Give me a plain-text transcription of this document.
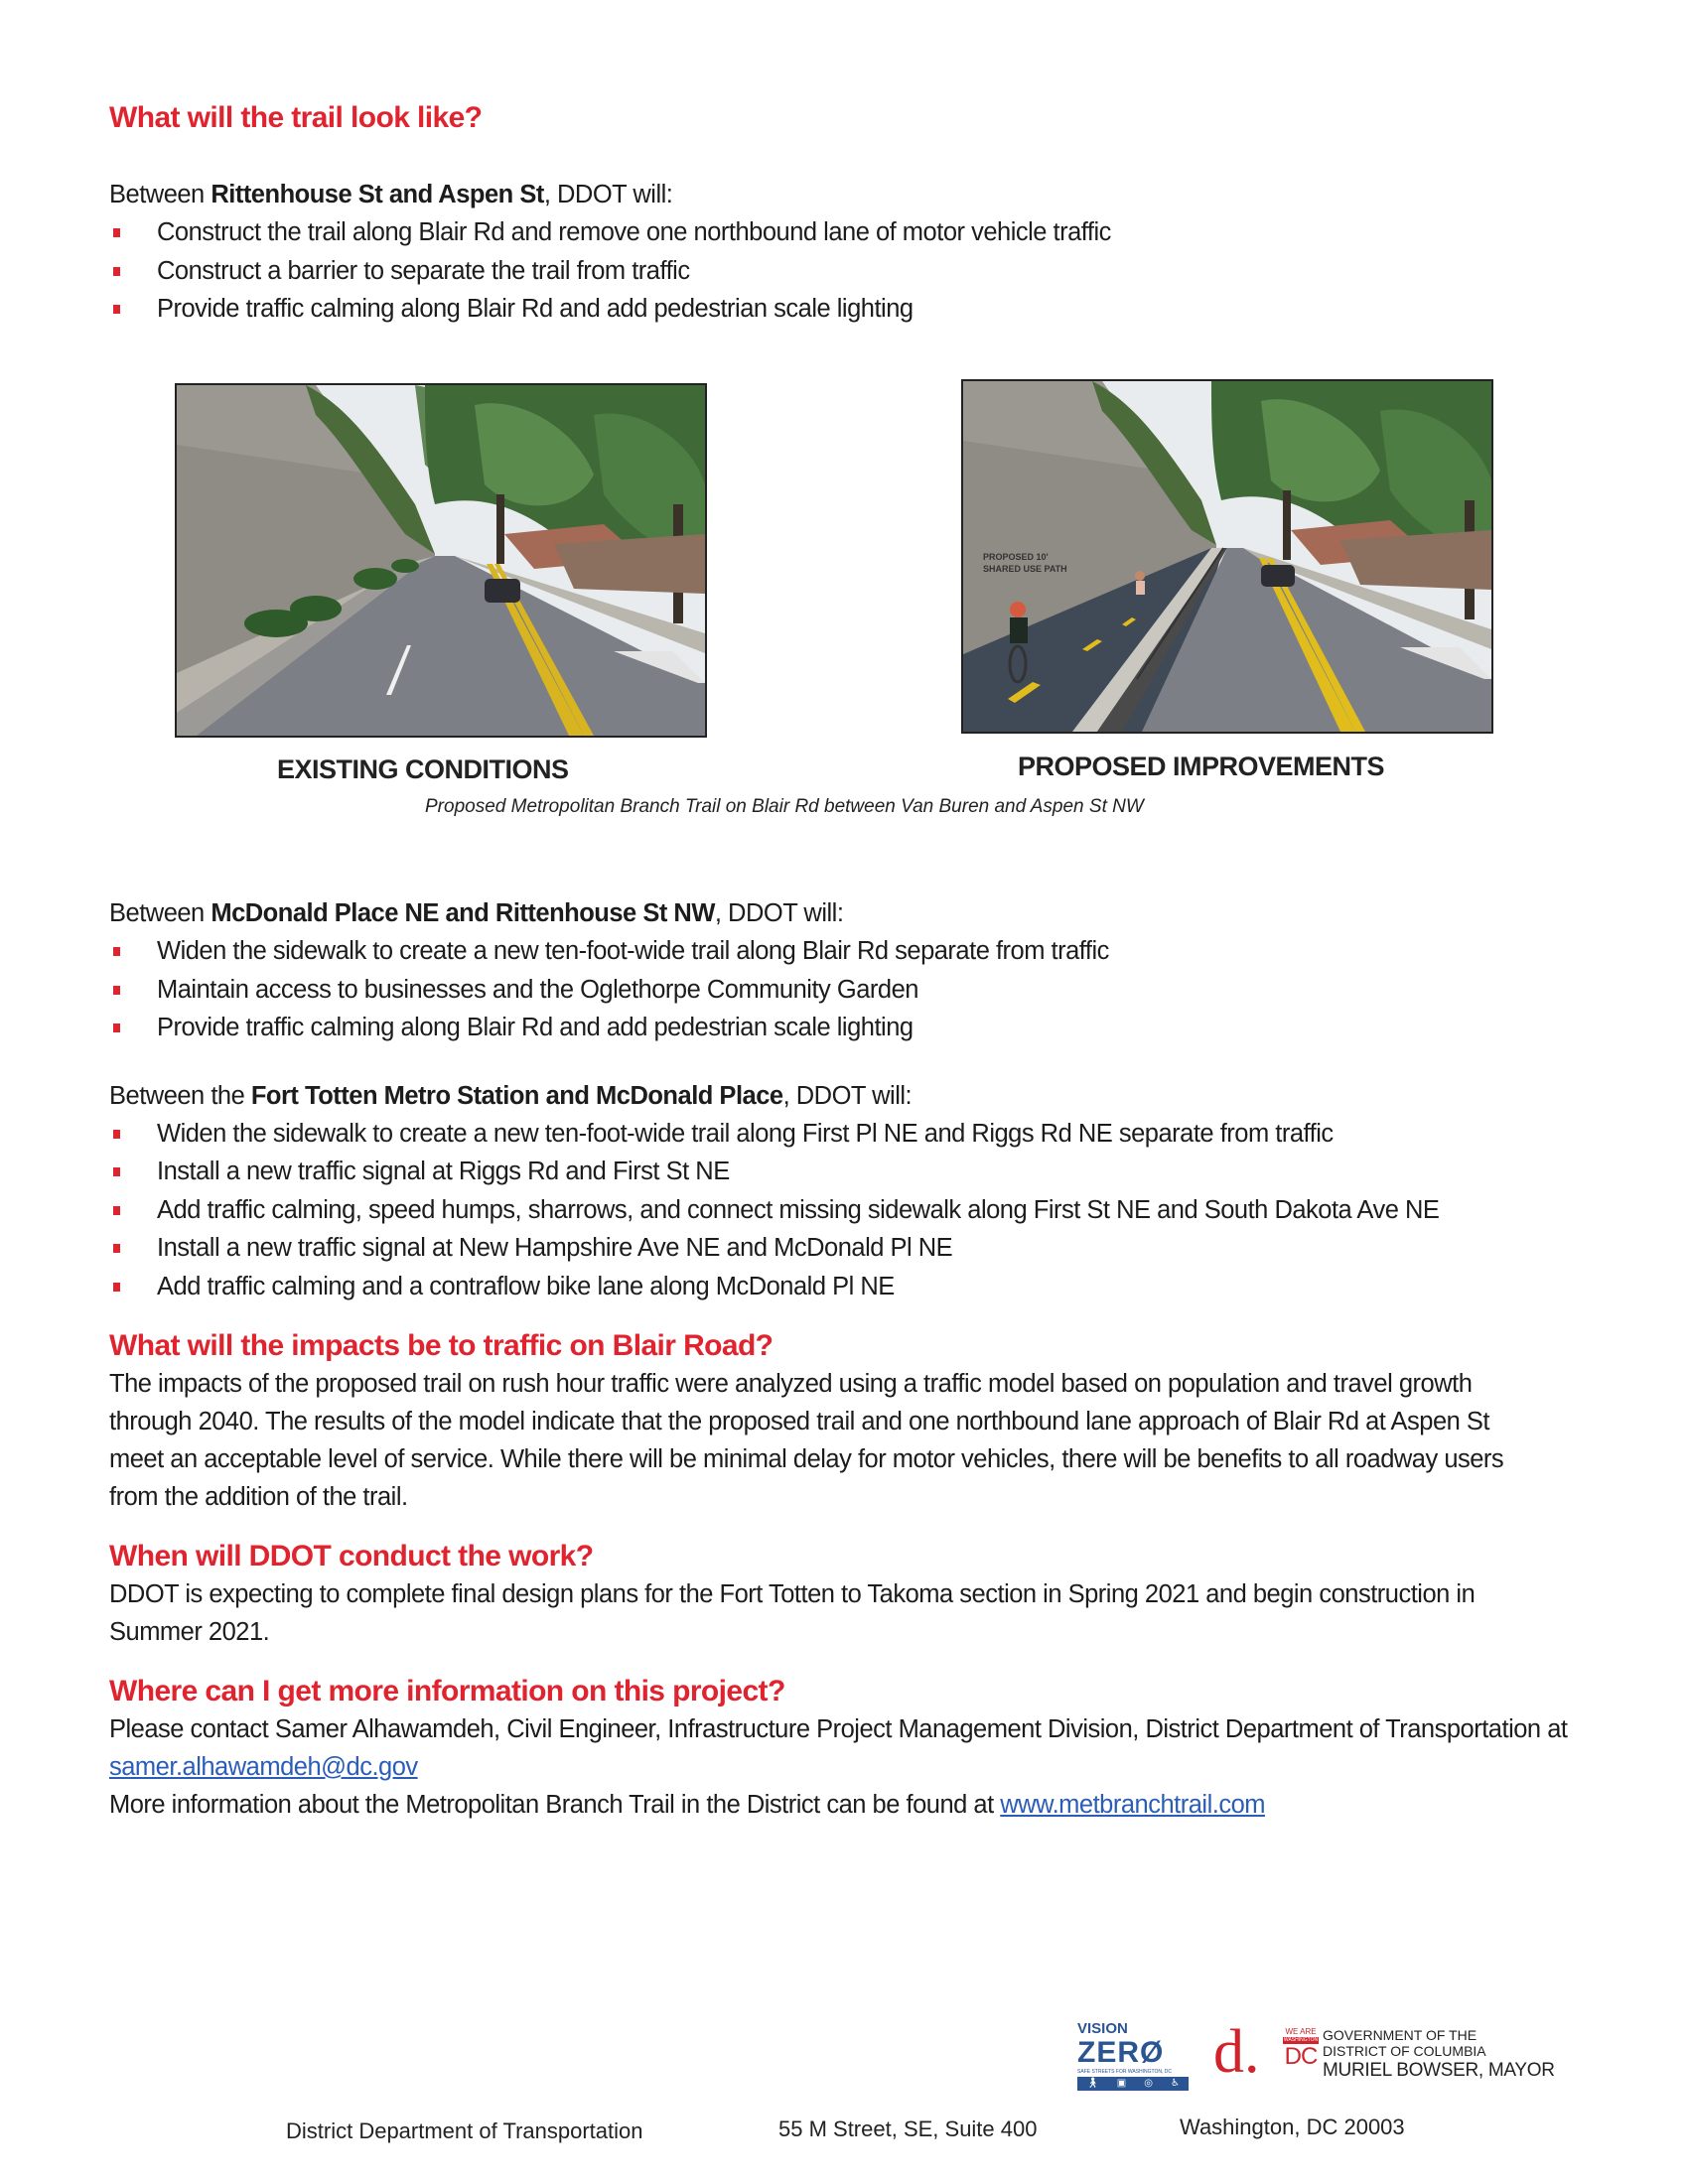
What will the trail look like?
Between Rittenhouse St and Aspen St, DDOT will:
Construct the trail along Blair Rd and remove one northbound lane of motor vehicle traffic
Construct a barrier to separate the trail from traffic
Provide traffic calming along Blair Rd and add pedestrian scale lighting
PROPOSED 10'
SHARED USE PATH
EXISTING CONDITIONS	PROPOSED IMPROVEMENTS
Proposed Metropolitan Branch Trail on Blair Rd between Van Buren and Aspen St NW
Between McDonald Place NE and Rittenhouse St NW, DDOT will:
Widen the sidewalk to create a new ten-foot-wide trail along Blair Rd separate from traffic
Maintain access to businesses and the Oglethorpe Community Garden
Provide traffic calming along Blair Rd and add pedestrian scale lighting
Between the Fort Totten Metro Station and McDonald Place, DDOT will:
Widen the sidewalk to create a new ten-foot-wide trail along First Pl NE and Riggs Rd NE separate from traffic
Install a new traffic signal at Riggs Rd and First St NE
Add traffic calming, speed humps, sharrows, and connect missing sidewalk along First St NE and South Dakota Ave NE
Install a new traffic signal at New Hampshire Ave NE and McDonald Pl NE
Add traffic calming and a contraflow bike lane along McDonald Pl NE
What will the impacts be to traffic on Blair Road?
The impacts of the proposed trail on rush hour traffic were analyzed using a traffic model based on population and travel growth through 2040. The results of the model indicate that the proposed trail and one northbound lane approach of Blair Rd at Aspen St meet an acceptable level of service. While there will be minimal delay for motor vehicles, there will be benefits to all roadway users from the addition of the trail.
When will DDOT conduct the work?
DDOT is expecting to complete final design plans for the Fort Totten to Takoma section in Spring 2021 and begin construction in Summer 2021.
Where can I get more information on this project?
Please contact Samer Alhawamdeh, Civil Engineer, Infrastructure Project Management Division, District Department of Transportation at samer.alhawamdeh@dc.gov
More information about the Metropolitan Branch Trail in the District can be found at www.metbranchtrail.com
VISION
ZERØ
SAFE STREETS FOR WASHINGTON, DC
🚶︎ ▣ ◎ ♿︎ d.	WE ARE
WASHINGTON
DC
GOVERNMENT OF THE
DISTRICT OF COLUMBIA
MURIEL BOWSER, MAYOR
District Department of Transportation	55 M Street, SE, Suite 400	Washington, DC 20003
